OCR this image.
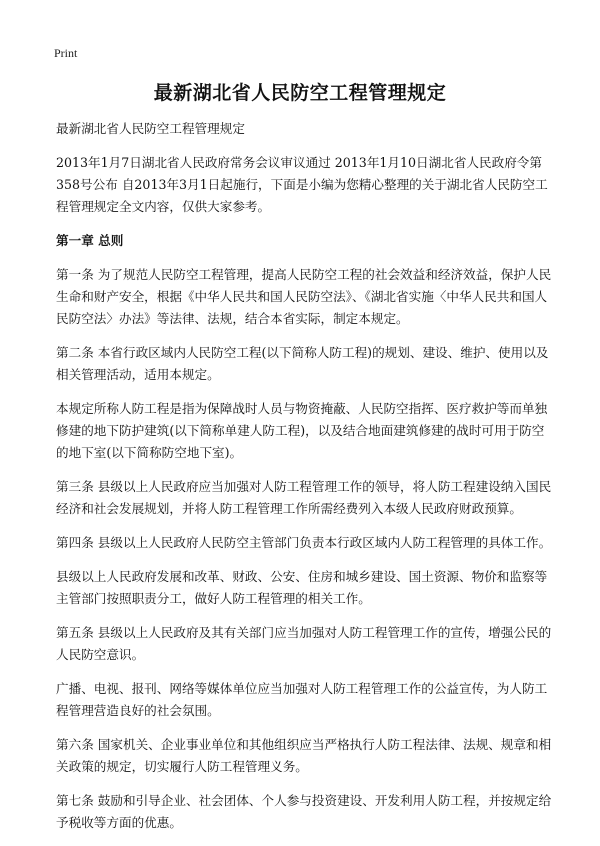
Print
最新湖北省人民防空工程管理规定

最新湖北省人民防空工程管理规定

2013年1月7日湖北省人民政府常务会议审议通过 2013年1月10日湖北省人民政府令第358号公布 自2013年3月1日起施行，下面是小编为您精心整理的关于湖北省人民防空工程管理规定全文内容，仅供大家参考。

第一章 总则

第一条 为了规范人民防空工程管理，提高人民防空工程的社会效益和经济效益，保护人民生命和财产安全，根据《中华人民共和国人民防空法》、《湖北省实施〈中华人民共和国人民防空法〉办法》等法律、法规，结合本省实际，制定本规定。

第二条 本省行政区域内人民防空工程(以下简称人防工程)的规划、建设、维护、使用以及相关管理活动，适用本规定。

本规定所称人防工程是指为保障战时人员与物资掩蔽、人民防空指挥、医疗救护等而单独修建的地下防护建筑(以下简称单建人防工程)，以及结合地面建筑修建的战时可用于防空的地下室(以下简称防空地下室)。

第三条 县级以上人民政府应当加强对人防工程管理工作的领导，将人防工程建设纳入国民经济和社会发展规划，并将人防工程管理工作所需经费列入本级人民政府财政预算。

第四条 县级以上人民政府人民防空主管部门负责本行政区域内人防工程管理的具体工作。

县级以上人民政府发展和改革、财政、公安、住房和城乡建设、国土资源、物价和监察等主管部门按照职责分工，做好人防工程管理的相关工作。

第五条 县级以上人民政府及其有关部门应当加强对人防工程管理工作的宣传，增强公民的人民防空意识。

广播、电视、报刊、网络等媒体单位应当加强对人防工程管理工作的公益宣传，为人防工程管理营造良好的社会氛围。

第六条 国家机关、企业事业单位和其他组织应当严格执行人防工程法律、法规、规章和相关政策的规定，切实履行人防工程管理义务。

第七条 鼓励和引导企业、社会团体、个人参与投资建设、开发利用人防工程，并按规定给予税收等方面的优惠。
